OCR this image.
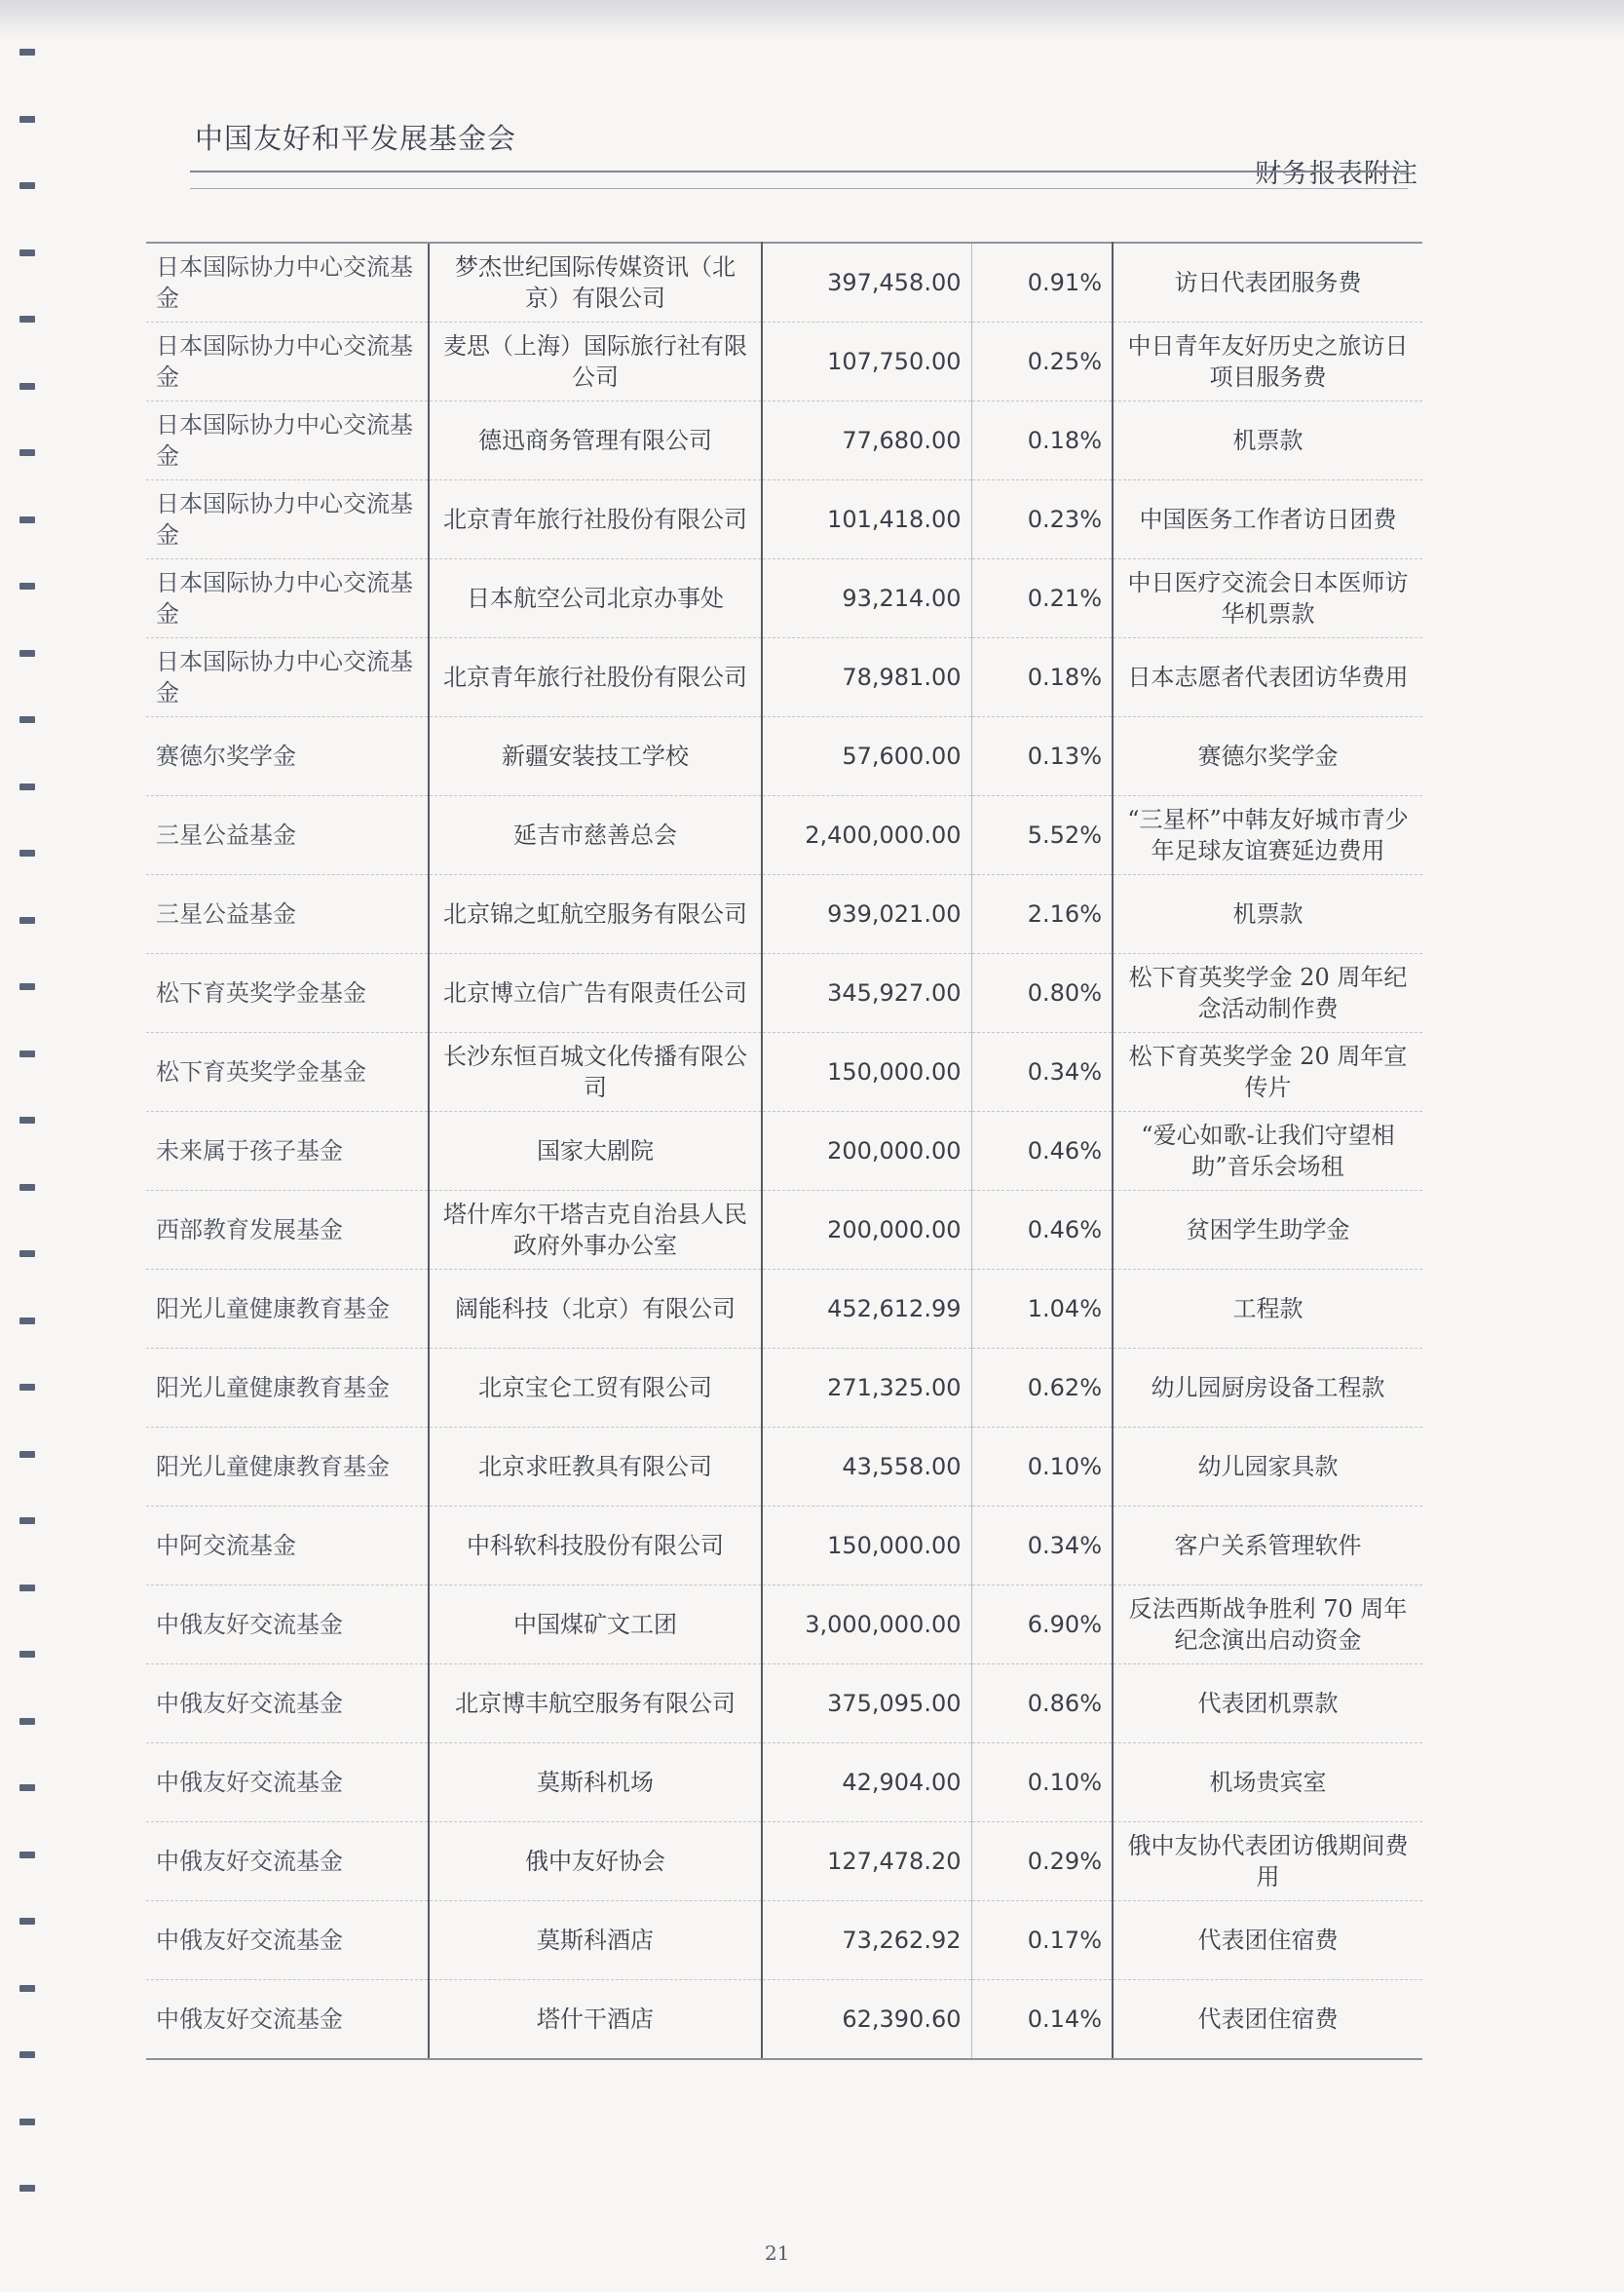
中国友好和平发展基金会
财务报表附注
日本国际协力中心交流基金	梦杰世纪国际传媒资讯（北京）有限公司	397,458.00	0.91%	访日代表团服务费
日本国际协力中心交流基金	麦思（上海）国际旅行社有限公司	107,750.00	0.25%	中日青年友好历史之旅访日项目服务费
日本国际协力中心交流基金	德迅商务管理有限公司	77,680.00	0.18%	机票款
日本国际协力中心交流基金	北京青年旅行社股份有限公司	101,418.00	0.23%	中国医务工作者访日团费
日本国际协力中心交流基金	日本航空公司北京办事处	93,214.00	0.21%	中日医疗交流会日本医师访华机票款
日本国际协力中心交流基金	北京青年旅行社股份有限公司	78,981.00	0.18%	日本志愿者代表团访华费用
赛德尔奖学金	新疆安装技工学校	57,600.00	0.13%	赛德尔奖学金
三星公益基金	延吉市慈善总会	2,400,000.00	5.52%	“三星杯”中韩友好城市青少年足球友谊赛延边费用
三星公益基金	北京锦之虹航空服务有限公司	939,021.00	2.16%	机票款
松下育英奖学金基金	北京博立信广告有限责任公司	345,927.00	0.80%	松下育英奖学金 20 周年纪念活动制作费
松下育英奖学金基金	长沙东恒百城文化传播有限公司	150,000.00	0.34%	松下育英奖学金 20 周年宣传片
未来属于孩子基金	国家大剧院	200,000.00	0.46%	“爱心如歌-让我们守望相助”音乐会场租
西部教育发展基金	塔什库尔干塔吉克自治县人民政府外事办公室	200,000.00	0.46%	贫困学生助学金
阳光儿童健康教育基金	阔能科技（北京）有限公司	452,612.99	1.04%	工程款
阳光儿童健康教育基金	北京宝仑工贸有限公司	271,325.00	0.62%	幼儿园厨房设备工程款
阳光儿童健康教育基金	北京求旺教具有限公司	43,558.00	0.10%	幼儿园家具款
中阿交流基金	中科软科技股份有限公司	150,000.00	0.34%	客户关系管理软件
中俄友好交流基金	中国煤矿文工团	3,000,000.00	6.90%	反法西斯战争胜利 70 周年纪念演出启动资金
中俄友好交流基金	北京博丰航空服务有限公司	375,095.00	0.86%	代表团机票款
中俄友好交流基金	莫斯科机场	42,904.00	0.10%	机场贵宾室
中俄友好交流基金	俄中友好协会	127,478.20	0.29%	俄中友协代表团访俄期间费用
中俄友好交流基金	莫斯科酒店	73,262.92	0.17%	代表团住宿费
中俄友好交流基金	塔什干酒店	62,390.60	0.14%	代表团住宿费
21
